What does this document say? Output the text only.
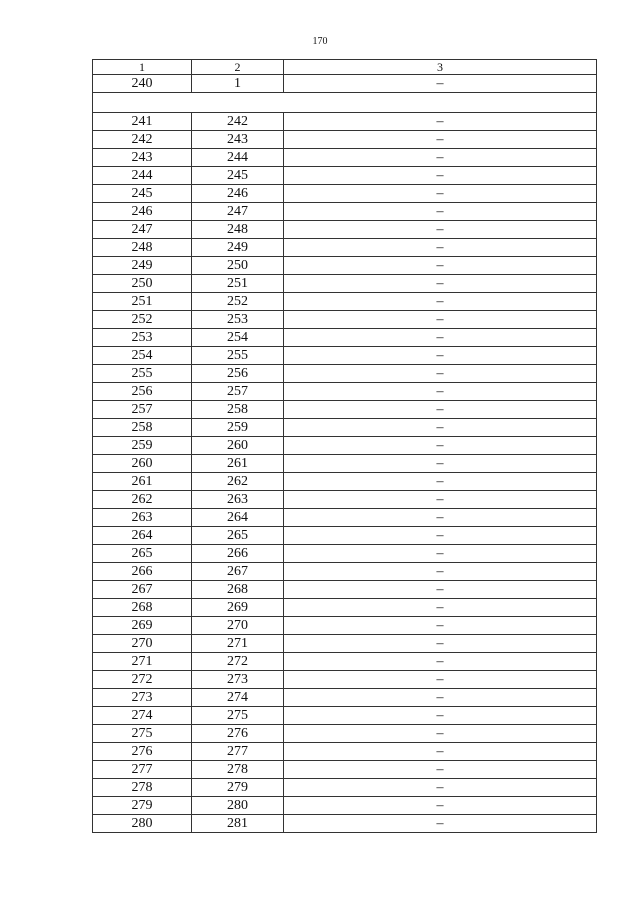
170
1	2	3
240	1	–

241	242	–
242	243	–
243	244	–
244	245	–
245	246	–
246	247	–
247	248	–
248	249	–
249	250	–
250	251	–
251	252	–
252	253	–
253	254	–
254	255	–
255	256	–
256	257	–
257	258	–
258	259	–
259	260	–
260	261	–
261	262	–
262	263	–
263	264	–
264	265	–
265	266	–
266	267	–
267	268	–
268	269	–
269	270	–
270	271	–
271	272	–
272	273	–
273	274	–
274	275	–
275	276	–
276	277	–
277	278	–
278	279	–
279	280	–
280	281	–
